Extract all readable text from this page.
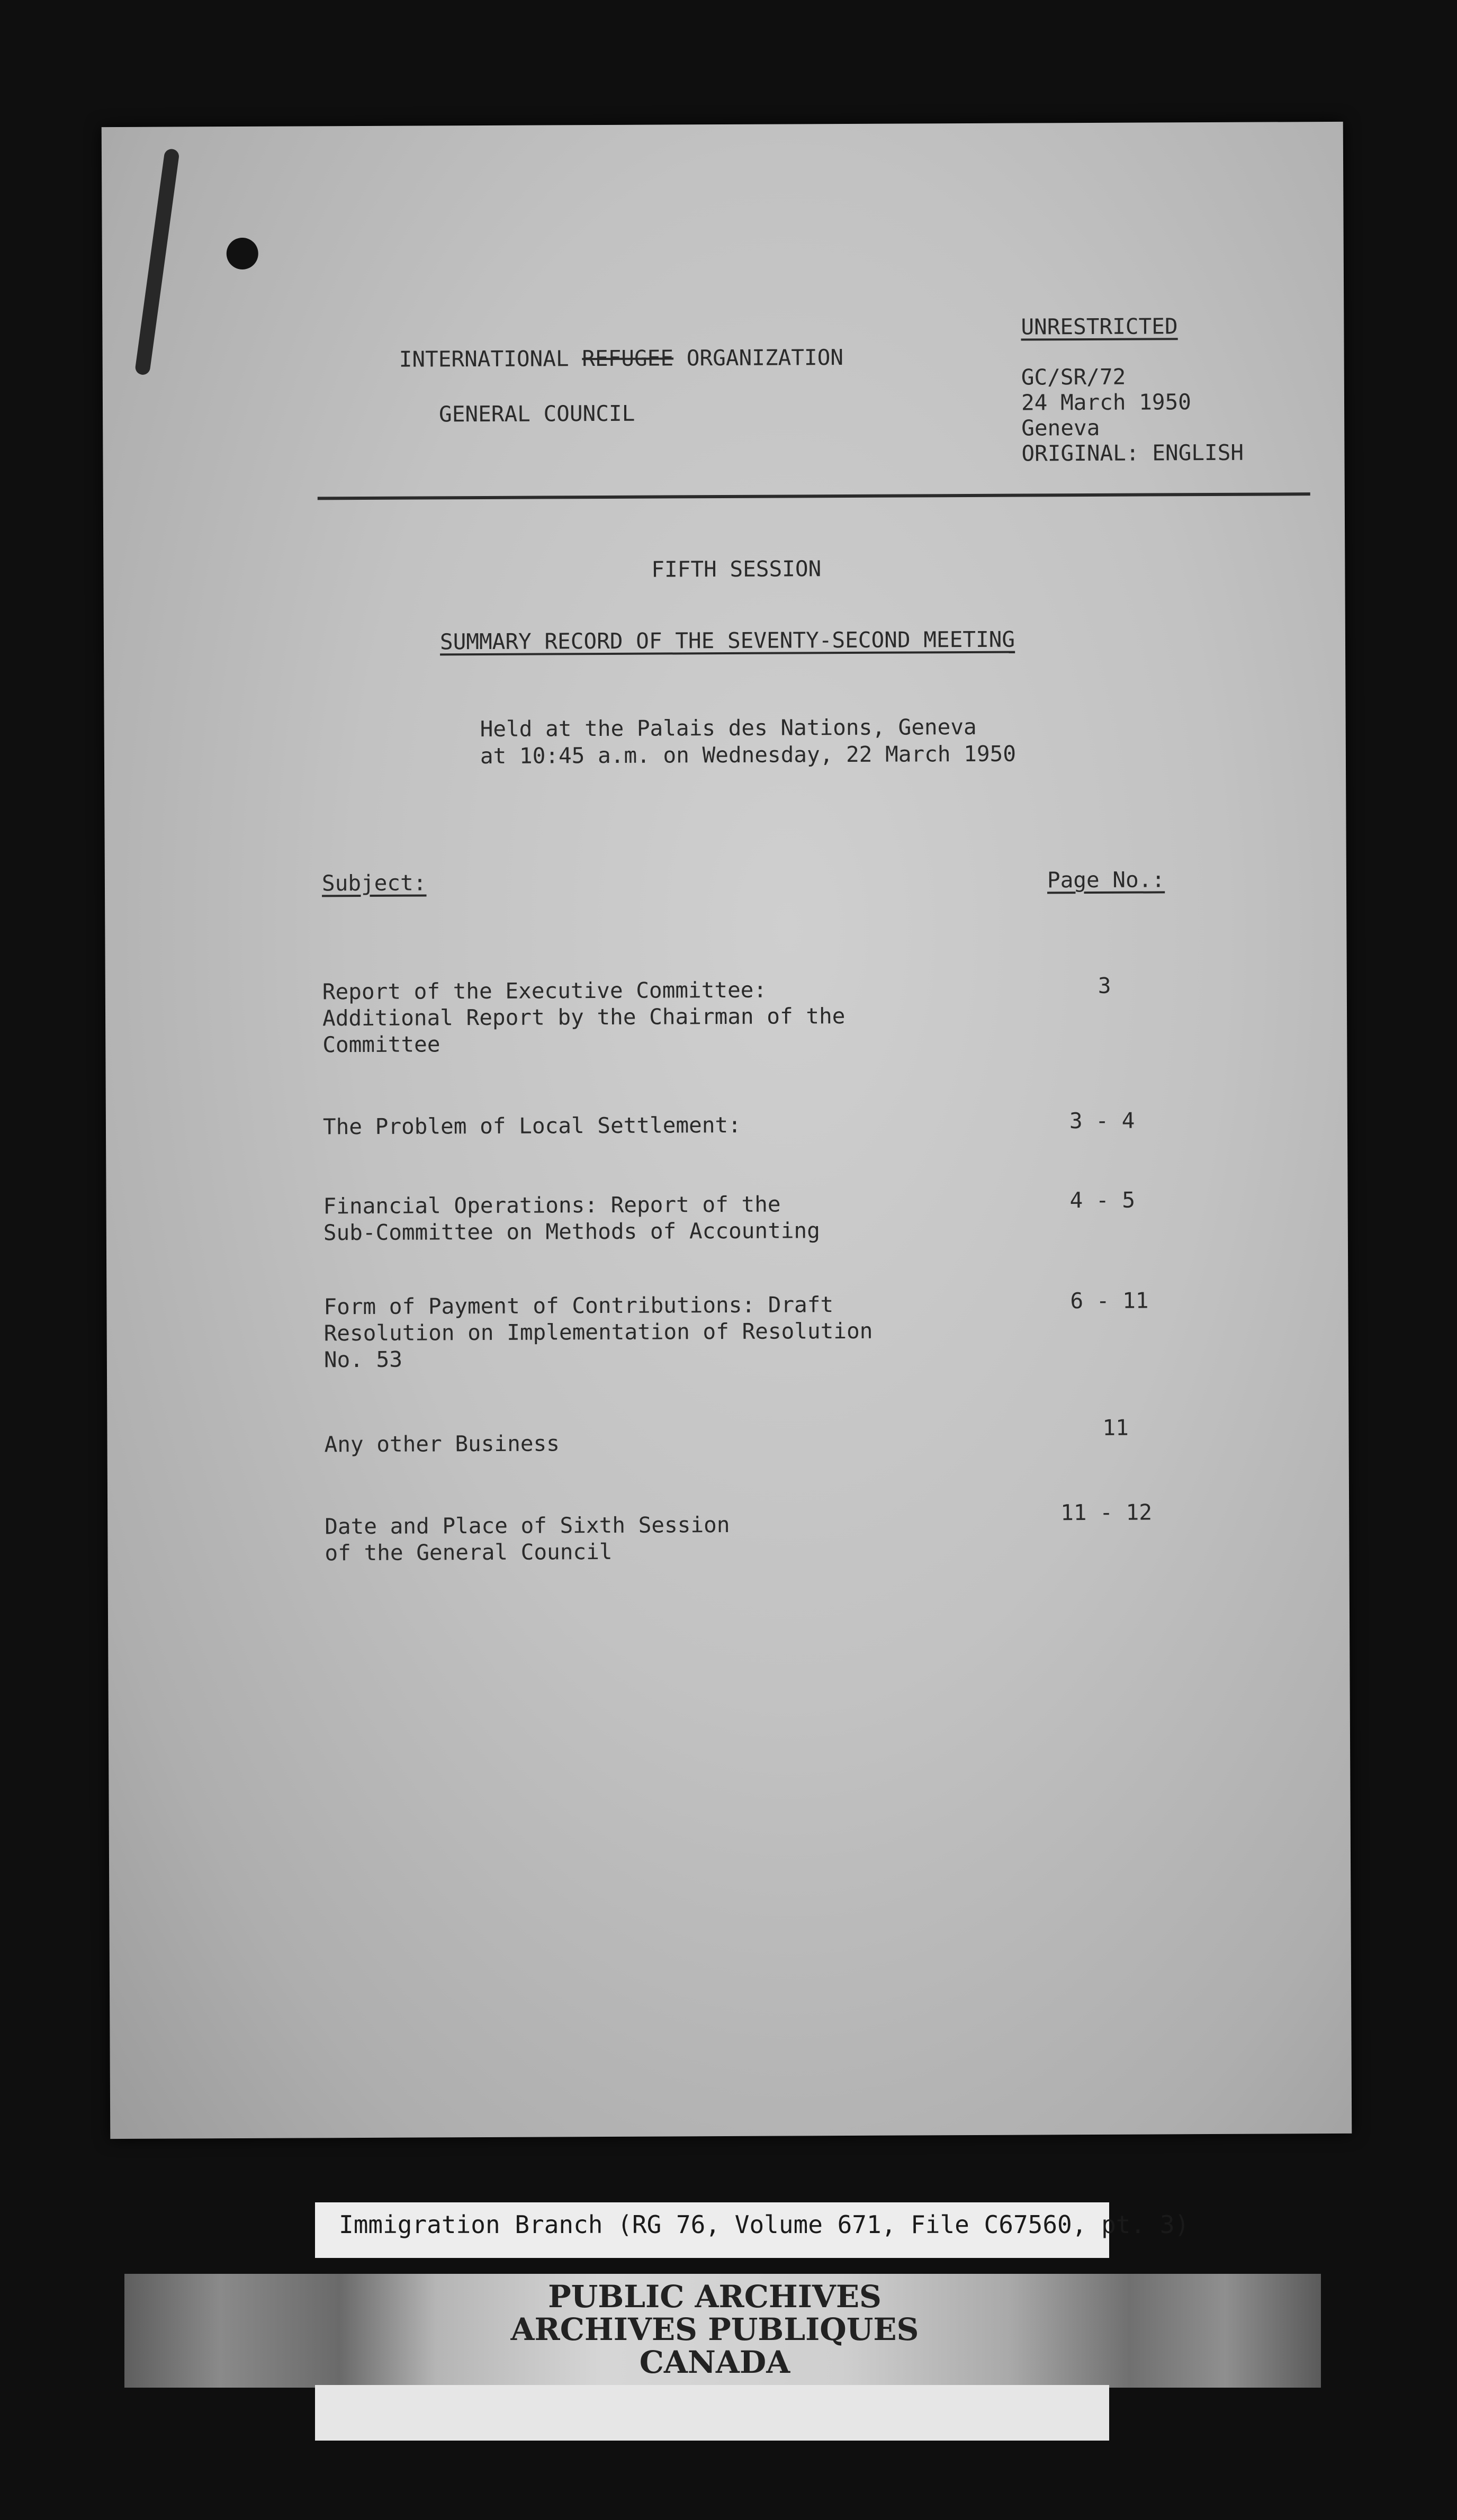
INTERNATIONAL REFUGEE ORGANIZATION

GENERAL COUNCIL
UNRESTRICTED
GC/SR/72
24 March 1950
Geneva
ORIGINAL: ENGLISH
FIFTH SESSION
SUMMARY RECORD OF THE SEVENTY-SECOND MEETING
Held at the Palais des Nations, Geneva
at 10:45 a.m. on Wednesday, 22 March 1950
Subject:	Page No.:
Report of the Executive Committee:
Additional Report by the Chairman of the
Committee
3
The Problem of Local Settlement:	3 - 4
Financial Operations: Report of the
Sub-Committee on Methods of Accounting
4 - 5
Form of Payment of Contributions: Draft
Resolution on Implementation of Resolution
No. 53
6 - 11
Any other Business
11
Date and Place of Sixth Session
of the General Council
11 - 12
Immigration Branch (RG 76, Volume 671, File C67560, pt. 3)
PUBLIC ARCHIVES
ARCHIVES PUBLIQUES
CANADA
